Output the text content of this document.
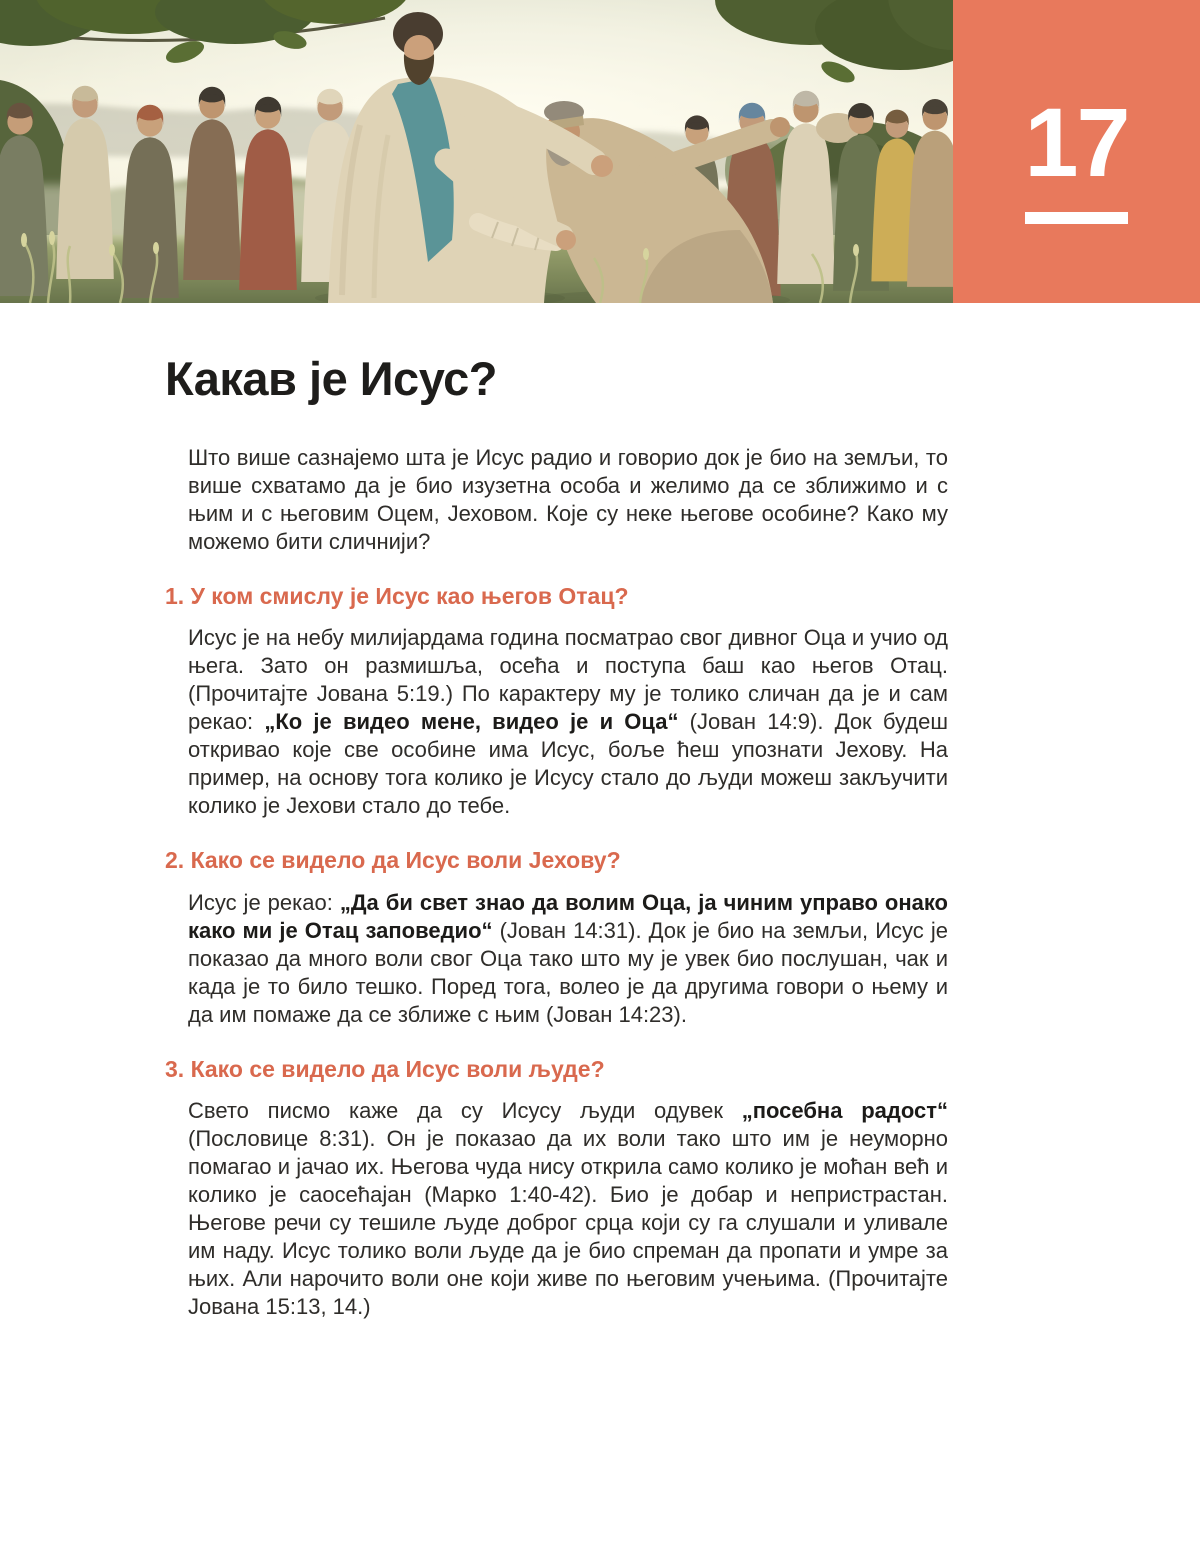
17
Какав је Исус?

Што више сазнајемо шта је Исус радио и говорио док је био на земљи, то више схватамо да је био изузетна особа и желимо да се зближимо и с њим и с његовим Оцем, Јеховом. Које су неке његове особине? Како му можемо бити сличнији?

1. У ком смислу је Исус као његов Отац?

Исус је на небу милијардама година посматрао свог дивног Оца и учио од њега. Зато он размишља, осећа и поступа баш као његов Отац. (Прочитајте Јована 5:19.) По карактеру му је толико сличан да је и сам рекао: „Ко је видео мене, видео је и Оца“ (Јован 14:9). Док будеш откривао које све особине има Исус, боље ћеш упознати Јехову. На пример, на основу тога колико је Исусу стало до људи можеш закључити колико је Јехови стало до тебе.

2. Како се видело да Исус воли Јехову?

Исус је рекао: „Да би свет знао да волим Оца, ја чиним управо онако како ми је Отац заповедио“ (Јован 14:31). Док је био на земљи, Исус је показао да много воли свог Оца тако што му је увек био послушан, чак и када је то било тешко. Поред тога, волео је да другима говори о њему и да им помаже да се зближе с њим (Јован 14:23).

3. Како се видело да Исус воли људе?

Свето писмо каже да су Исусу људи одувек „посебна радост“ (Пословице 8:31). Он је показао да их воли тако што им је неуморно помагао и јачао их. Његова чуда нису открила само колико је моћан већ и колико је саосећајан (Марко 1:40-42). Био је добар и непристрастан. Његове речи су тешиле људе доброг срца који су га слушали и уливале им наду. Исус толико воли људе да је био спреман да пропати и умре за њих. Али нарочито воли оне који живе по његовим учењима. (Прочитајте Јована 15:13, 14.)
